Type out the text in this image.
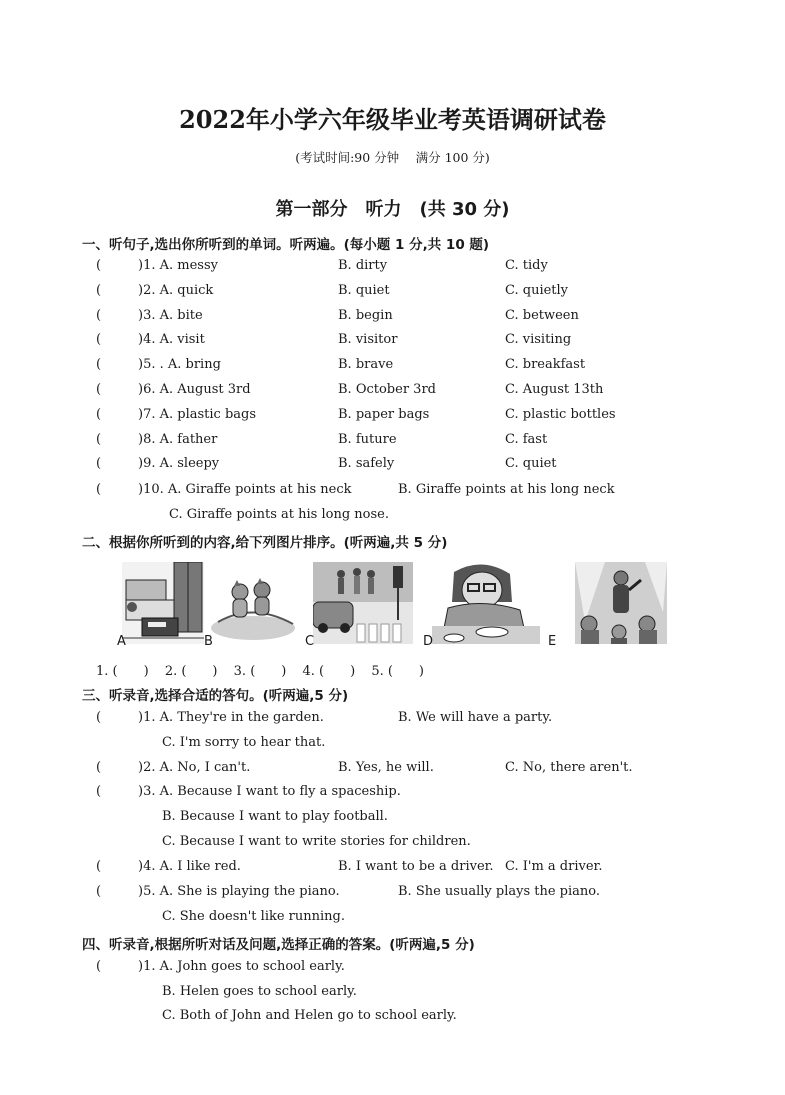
2022年小学六年级毕业考英语调研试卷
(考试时间:90 分钟　 满分 100 分)
第一部分　听力　(共 30 分)
一、听句子,选出你所听到的单词。听两遍。(每小题 1 分,共 10 题)
(	)1. A. messy	B. dirty	C. tidy
(	)2. A. quick	B. quiet	C. quietly
(	)3. A. bite	B. begin	C. between
(	)4. A. visit	B. visitor	C. visiting
(	)5. . A. bring	B. brave	C. breakfast
(	)6. A. August 3rd	B. October 3rd	C. August 13th
(	)7. A. plastic bags	B. paper bags	C. plastic bottles
(	)8. A. father	B. future	C. fast
(	)9. A. sleepy	B. safely	C. quiet
(	)10. A. Giraffe points at his neck	B. Giraffe points at his long neck
C. Giraffe points at his long nose.
二、根据你所听到的内容,给下列图片排序。(听两遍,共 5 分)
A	B	C	D	E
1. (　　) 2. (　　) 3. (　　) 4. (　　) 5. (　　)
三、听录音,选择合适的答句。(听两遍,5 分)
(	)1. A. They're in the garden.	B. We will have a party.
C. I'm sorry to hear that.
(	)2. A. No, I can't.	B. Yes, he will.	C. No, there aren't.
(	)3. A. Because I want to fly a spaceship.
B. Because I want to play football.
C. Because I want to write stories for children.
(	)4. A. I like red.	B. I want to be a driver. C. I'm a driver.
(	)5. A. She is playing the piano.	B. She usually plays the piano.
C. She doesn't like running.
四、听录音,根据所听对话及问题,选择正确的答案。(听两遍,5 分)
(	)1. A. John goes to school early.
B. Helen goes to school early.
C. Both of John and Helen go to school early.
